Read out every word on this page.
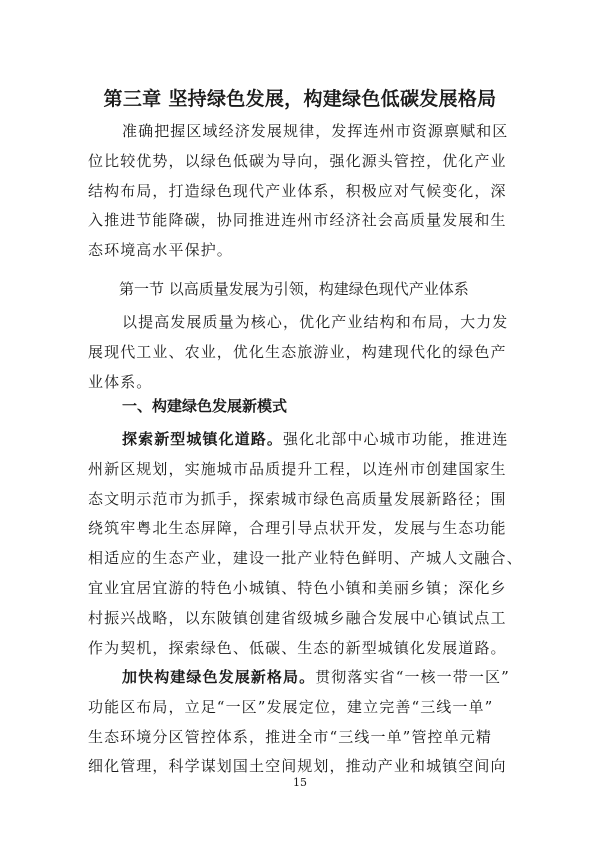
第三章 坚持绿色发展，构建绿色低碳发展格局
准确把握区域经济发展规律，发挥连州市资源禀赋和区
位比较优势，以绿色低碳为导向，强化源头管控，优化产业
结构布局，打造绿色现代产业体系，积极应对气候变化，深
入推进节能降碳，协同推进连州市经济社会高质量发展和生
态环境高水平保护。
第一节 以高质量发展为引领，构建绿色现代产业体系
以提高发展质量为核心，优化产业结构和布局，大力发
展现代工业、农业，优化生态旅游业，构建现代化的绿色产
业体系。
一、构建绿色发展新模式
探索新型城镇化道路。强化北部中心城市功能，推进连
州新区规划，实施城市品质提升工程，以连州市创建国家生
态文明示范市为抓手，探索城市绿色高质量发展新路径；围
绕筑牢粤北生态屏障，合理引导点状开发，发展与生态功能
相适应的生态产业，建设一批产业特色鲜明、产城人文融合、
宜业宜居宜游的特色小城镇、特色小镇和美丽乡镇；深化乡
村振兴战略，以东陂镇创建省级城乡融合发展中心镇试点工
作为契机，探索绿色、低碳、生态的新型城镇化发展道路。
加快构建绿色发展新格局。贯彻落实省“一核一带一区”
功能区布局，立足“一区”发展定位，建立完善“三线一单”
生态环境分区管控体系，推进全市“三线一单”管控单元精
细化管理，科学谋划国土空间规划，推动产业和城镇空间向
15
